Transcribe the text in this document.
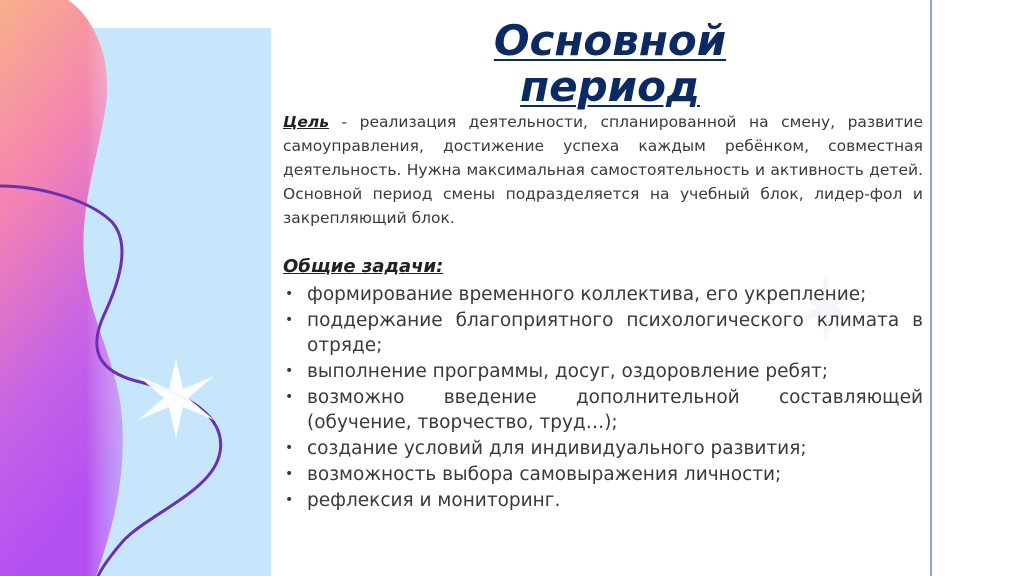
Основной период

Цель - реализация деятельности, спланированной на смену, развитие самоуправления, достижение успеха каждым ребёнком, совместная деятельность. Нужна максимальная самостоятельность и активность детей. Основной период смены подразделяется на учебный блок, лидер-фол и закрепляющий блок.

Общие задачи:
• формирование временного коллектива, его укрепление;
• поддержание благоприятного психологического климата в отряде;
• выполнение программы, досуг, оздоровление ребят;
• возможно введение дополнительной составляющей (обучение, творчество, труд…);
• создание условий для индивидуального развития;
• возможность выбора самовыражения личности;
• рефлексия и мониторинг.
